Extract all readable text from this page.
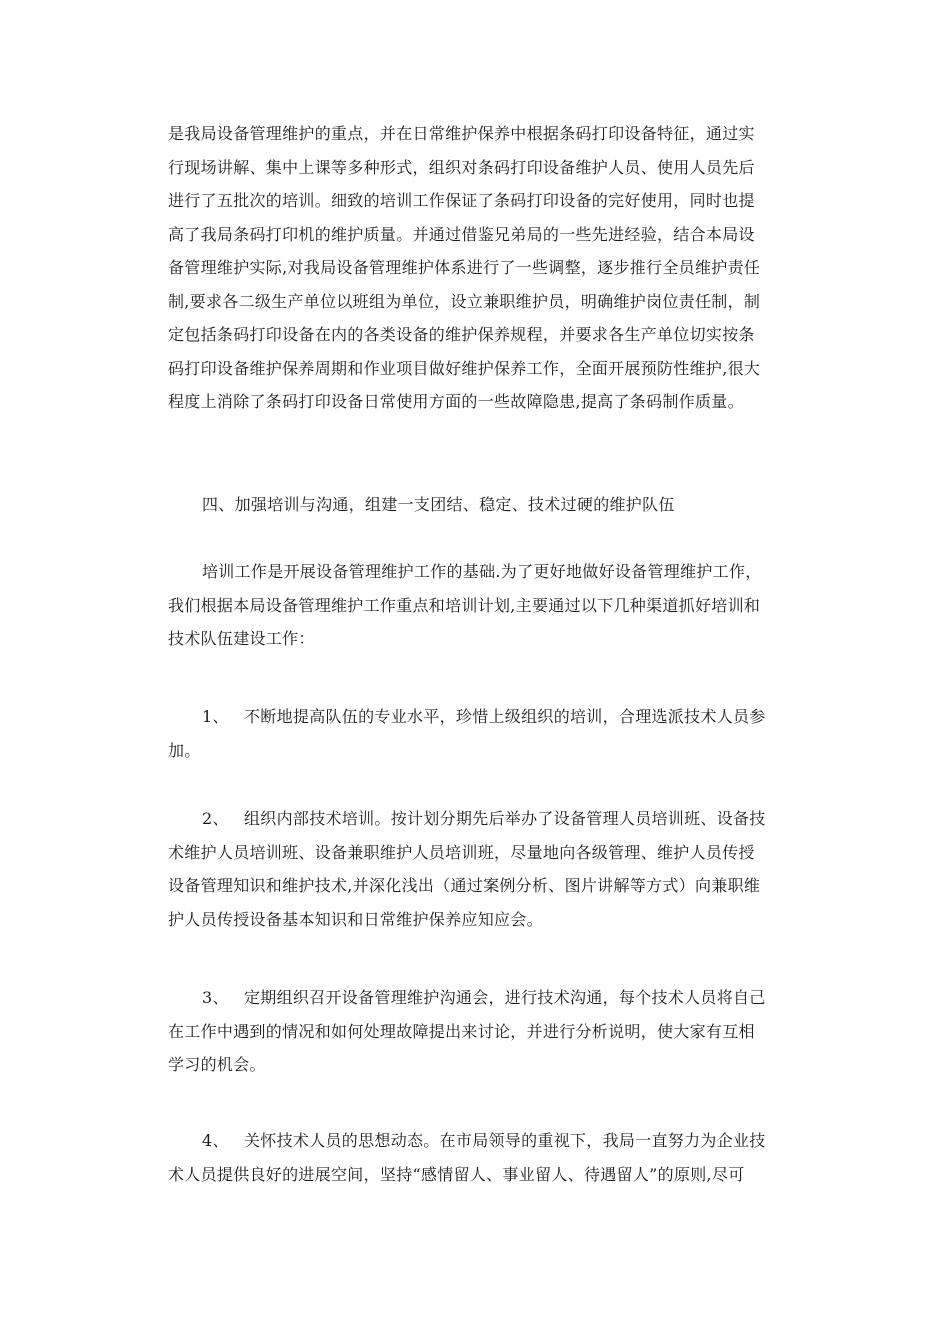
是我局设备管理维护的重点，并在日常维护保养中根据条码打印设备特征，通过实
行现场讲解、集中上课等多种形式，组织对条码打印设备维护人员、使用人员先后
进行了五批次的培训。细致的培训工作保证了条码打印设备的完好使用，同时也提
高了我局条码打印机的维护质量。并通过借鉴兄弟局的一些先进经验，结合本局设
备管理维护实际,对我局设备管理维护体系进行了一些调整，逐步推行全员维护责任
制,要求各二级生产单位以班组为单位，设立兼职维护员，明确维护岗位责任制，制
定包括条码打印设备在内的各类设备的维护保养规程，并要求各生产单位切实按条
码打印设备维护保养周期和作业项目做好维护保养工作，全面开展预防性维护,很大
程度上消除了条码打印设备日常使用方面的一些故障隐患,提高了条码制作质量。

四、加强培训与沟通，组建一支团结、稳定、技术过硬的维护队伍

培训工作是开展设备管理维护工作的基础.为了更好地做好设备管理维护工作，
我们根据本局设备管理维护工作重点和培训计划,主要通过以下几种渠道抓好培训和
技术队伍建设工作：

1、 不断地提高队伍的专业水平，珍惜上级组织的培训，合理选派技术人员参
加。

2、 组织内部技术培训。按计划分期先后举办了设备管理人员培训班、设备技
术维护人员培训班、设备兼职维护人员培训班，尽量地向各级管理、维护人员传授
设备管理知识和维护技术,并深化浅出（通过案例分析、图片讲解等方式）向兼职维
护人员传授设备基本知识和日常维护保养应知应会。

3、 定期组织召开设备管理维护沟通会，进行技术沟通，每个技术人员将自己
在工作中遇到的情况和如何处理故障提出来讨论，并进行分析说明，使大家有互相
学习的机会。

4、 关怀技术人员的思想动态。在市局领导的重视下，我局一直努力为企业技
术人员提供良好的进展空间，坚持“感情留人、事业留人、待遇留人”的原则,尽可
